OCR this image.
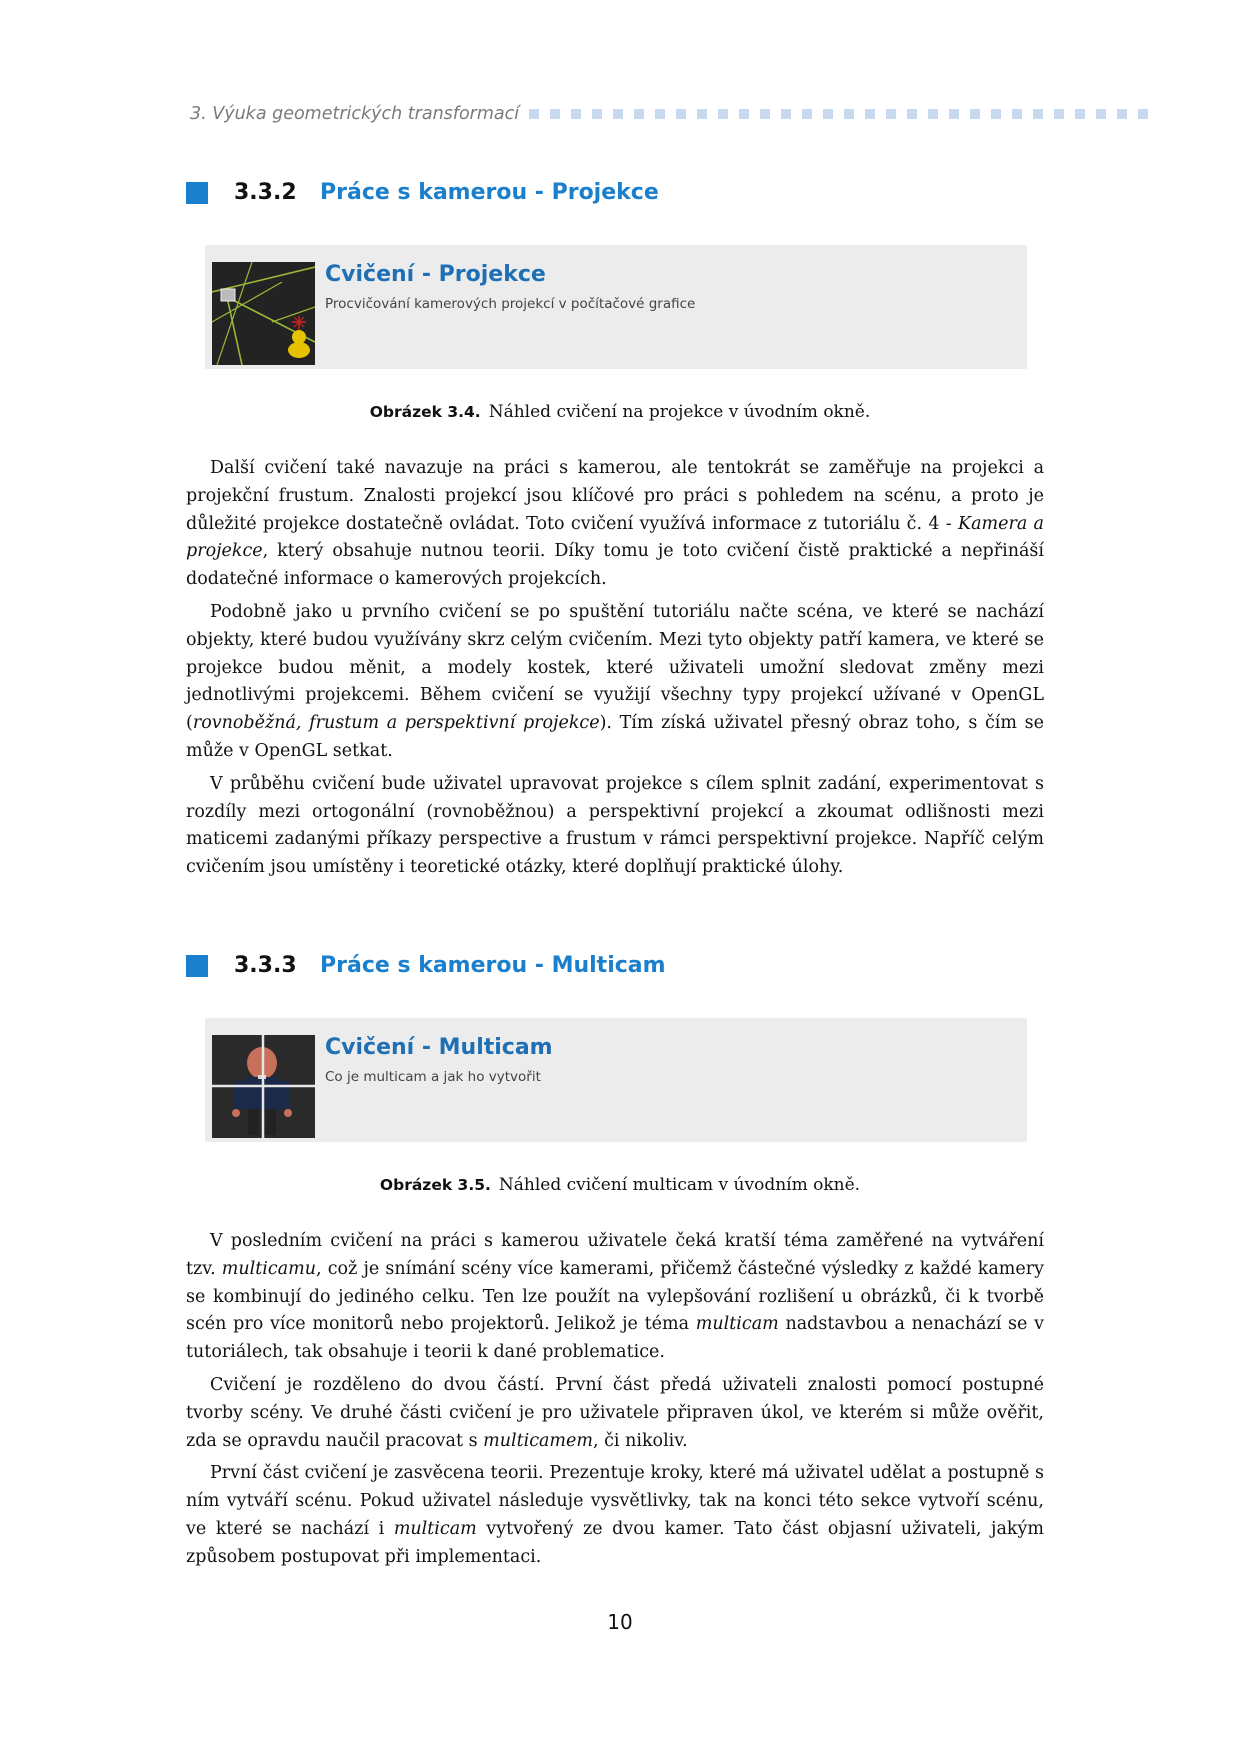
3. Výuka geometrických transformací
3.3.2	Práce s kamerou - Projekce
Cvičení - Projekce
Procvičování kamerových projekcí v počítačové grafice
Obrázek 3.4. Náhled cvičení na projekce v úvodním okně.

Další cvičení také navazuje na práci s kamerou, ale tentokrát se zaměřuje na projekci a projekční frustum. Znalosti projekcí jsou klíčové pro práci s pohledem na scénu, a proto je důležité projekce dostatečně ovládat. Toto cvičení využívá informace z tutoriálu č. 4 - Kamera a projekce, který obsahuje nutnou teorii. Díky tomu je toto cvičení čistě praktické a nepřináší dodatečné informace o kamerových projekcích.

Podobně jako u prvního cvičení se po spuštění tutoriálu načte scéna, ve které se nachází objekty, které budou využívány skrz celým cvičením. Mezi tyto objekty patří kamera, ve které se projekce budou měnit, a modely kostek, které uživateli umožní sledovat změny mezi jednotlivými projekcemi. Během cvičení se využijí všechny typy projekcí užívané v OpenGL (rovnoběžná, frustum a perspektivní projekce). Tím získá uživatel přesný obraz toho, s čím se může v OpenGL setkat.

V průběhu cvičení bude uživatel upravovat projekce s cílem splnit zadání, experimentovat s rozdíly mezi ortogonální (rovnoběžnou) a perspektivní projekcí a zkoumat odlišnosti mezi maticemi zadanými příkazy perspective a frustum v rámci perspektivní projekce. Napříč celým cvičením jsou umístěny i teoretické otázky, které doplňují praktické úlohy.

3.3.3	Práce s kamerou - Multicam
Cvičení - Multicam
Co je multicam a jak ho vytvořit
Obrázek 3.5. Náhled cvičení multicam v úvodním okně.

V posledním cvičení na práci s kamerou uživatele čeká kratší téma zaměřené na vytváření tzv. multicamu, což je snímání scény více kamerami, přičemž částečné výsledky z každé kamery se kombinují do jediného celku. Ten lze použít na vylepšování rozlišení u obrázků, či k tvorbě scén pro více monitorů nebo projektorů. Jelikož je téma multicam nadstavbou a nenachází se v tutoriálech, tak obsahuje i teorii k dané problematice.

Cvičení je rozděleno do dvou částí. První část předá uživateli znalosti pomocí postupné tvorby scény. Ve druhé části cvičení je pro uživatele připraven úkol, ve kterém si může ověřit, zda se opravdu naučil pracovat s multicamem, či nikoliv.

První část cvičení je zasvěcena teorii. Prezentuje kroky, které má uživatel udělat a postupně s ním vytváří scénu. Pokud uživatel následuje vysvětlivky, tak na konci této sekce vytvoří scénu, ve které se nachází i multicam vytvořený ze dvou kamer. Tato část objasní uživateli, jakým způsobem postupovat při implementaci.

10
